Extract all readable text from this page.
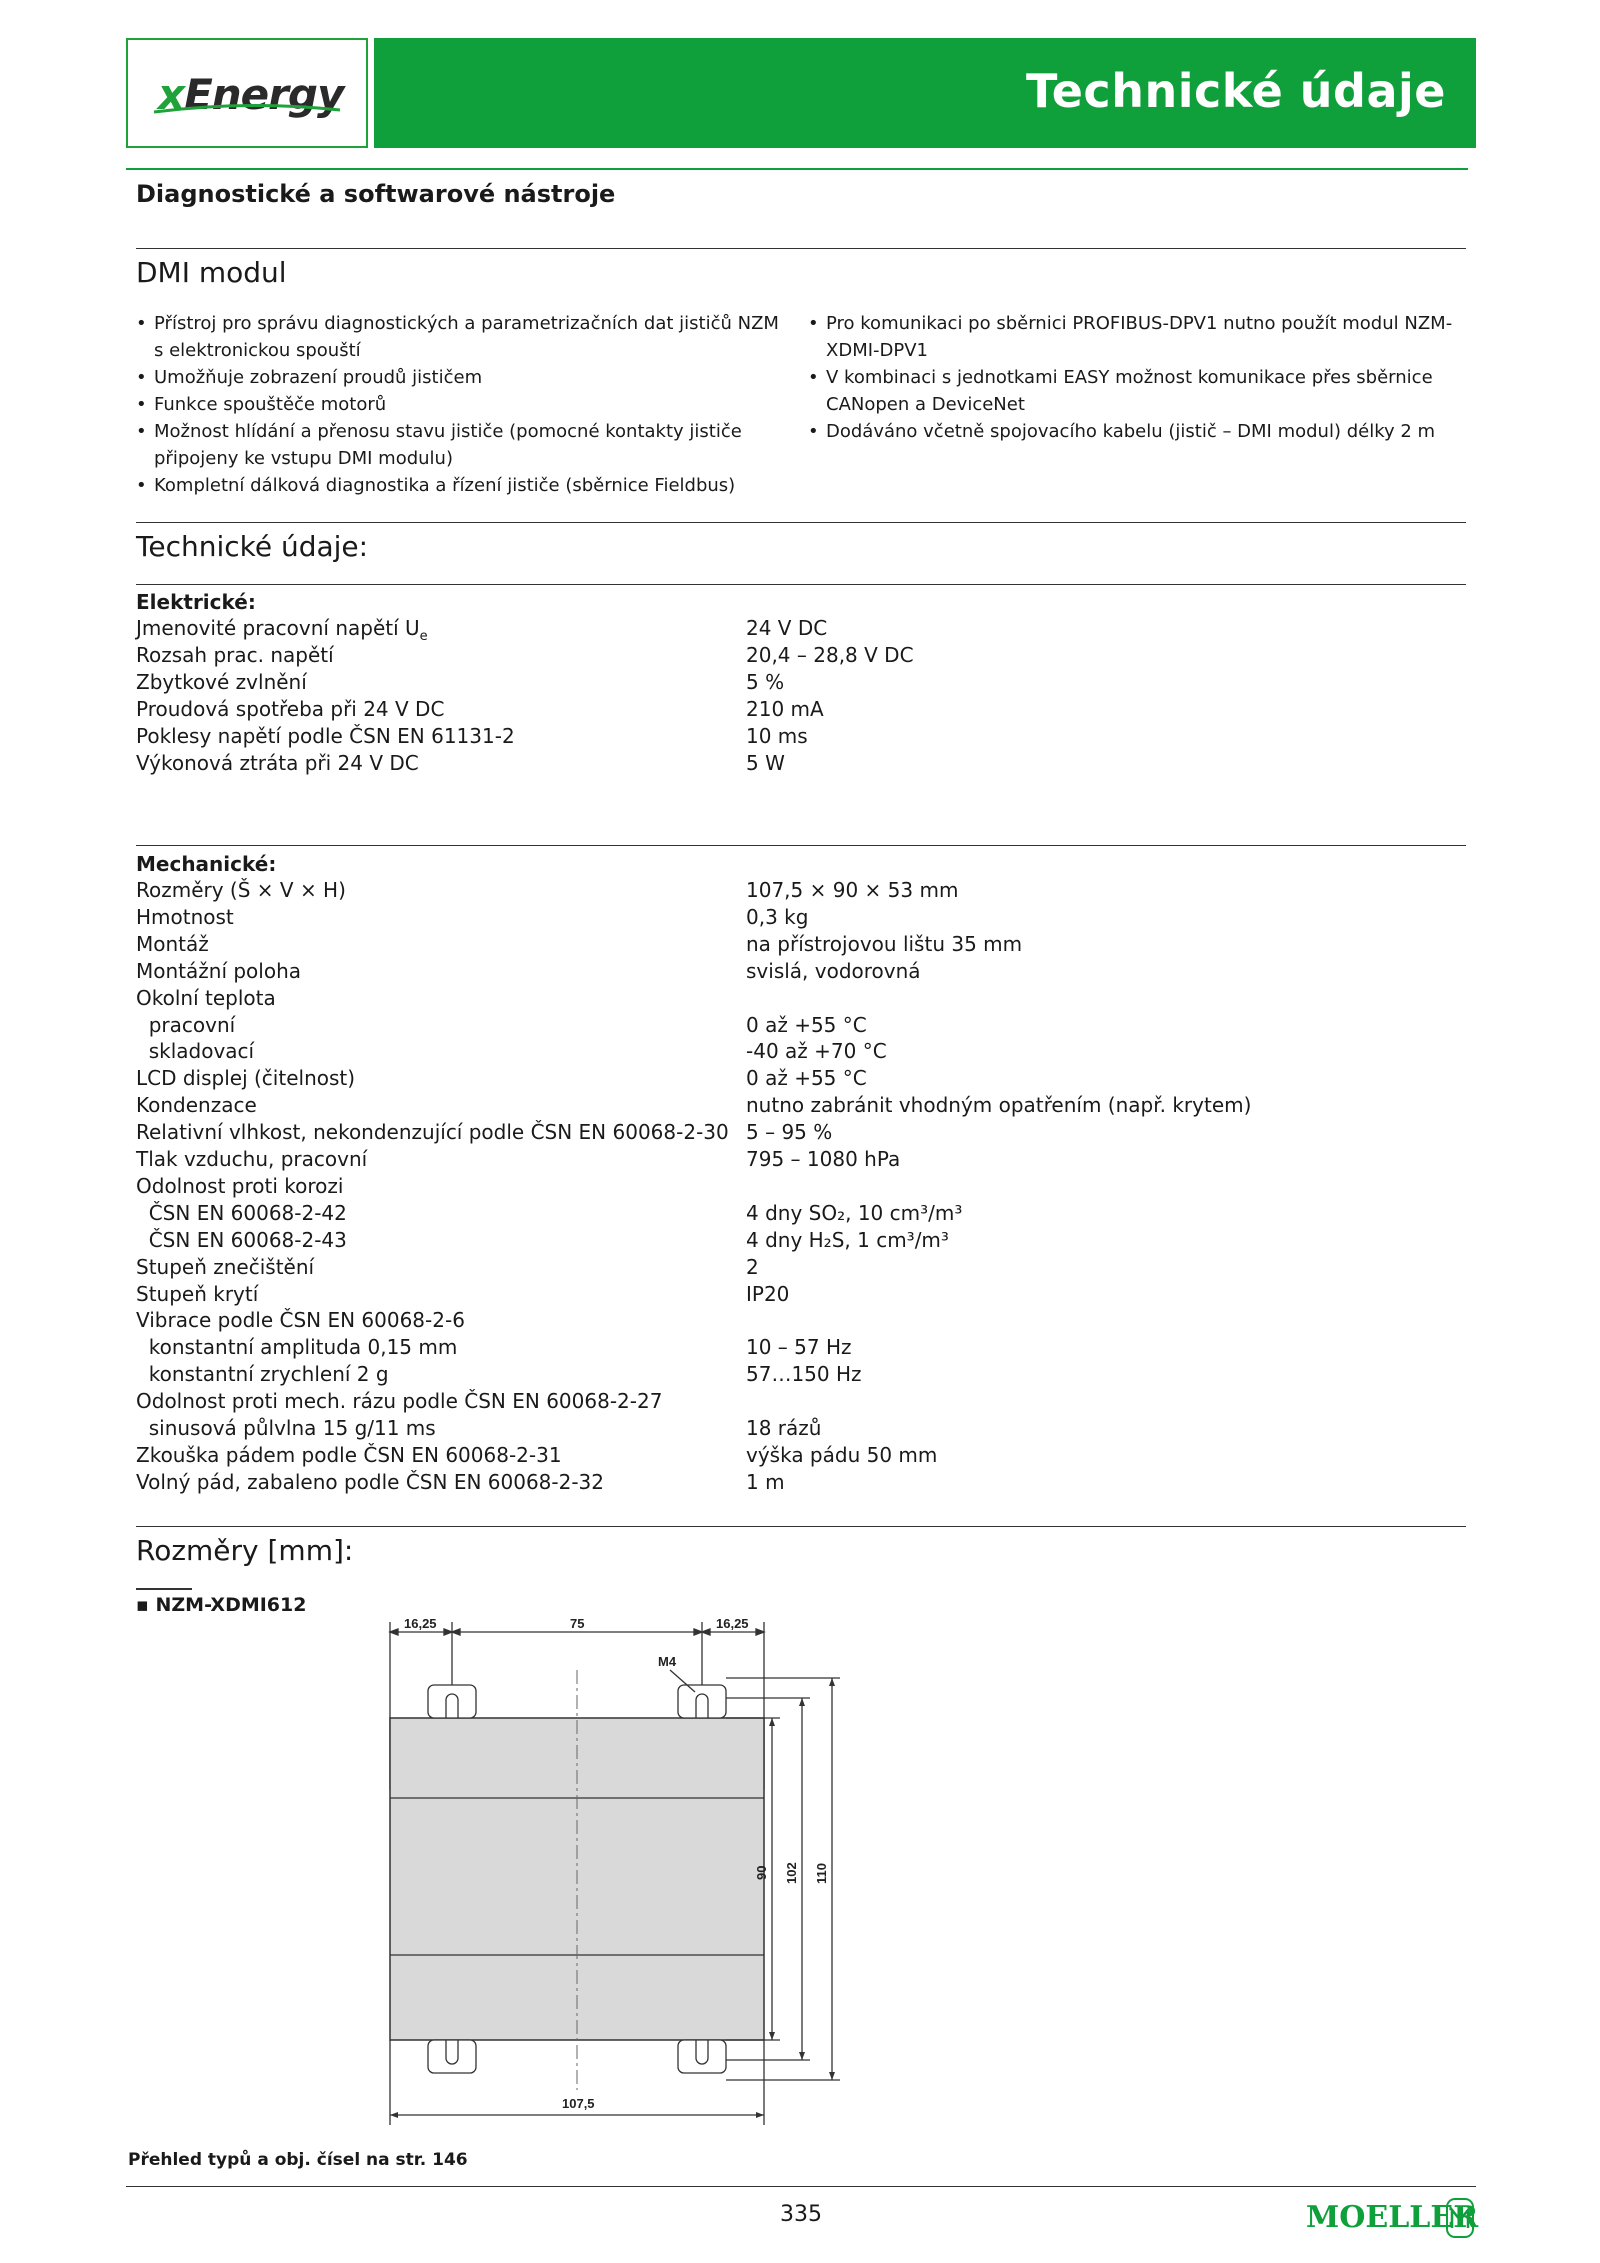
xEnergy	Technické údaje
Diagnostické a softwarové nástroje
DMI modul
• Přístroj pro správu diagnostických a parametrizačních dat jističů NZM s elektronickou spouští
• Umožňuje zobrazení proudů jističem
• Funkce spouštěče motorů
• Možnost hlídání a přenosu stavu jističe (pomocné kontakty jističe připojeny ke vstupu DMI modulu)
• Kompletní dálková diagnostika a řízení jističe (sběrnice Fieldbus)
• Pro komunikaci po sběrnici PROFIBUS-DPV1 nutno použít modul NZM-XDMI-DPV1
• V kombinaci s jednotkami EASY možnost komunikace přes sběrnice CANopen a DeviceNet
• Dodáváno včetně spojovacího kabelu (jistič – DMI modul) délky 2 m
Technické údaje:
Elektrické:
Jmenovité pracovní napětí $U_e$	24 V DC
Rozsah prac. napětí	20,4 – 28,8 V DC
Zbytkové zvlnění	5 %
Proudová spotřeba při 24 V DC	210 mA
Poklesy napětí podle ČSN EN 61131-2	10 ms
Výkonová ztráta při 24 V DC	5 W
Mechanické:
Rozměry (Š × V × H)	107,5 × 90 × 53 mm
Hmotnost	0,3 kg
Montáž	na přístrojovou lištu 35 mm
Montážní poloha	svislá, vodorovná
Okolní teplota
pracovní	0 až +55 °C
skladovací	-40 až +70 °C
LCD displej (čitelnost)	0 až +55 °C
Kondenzace	nutno zabránit vhodným opatřením (např. krytem)
Relativní vlhkost, nekondenzující podle ČSN EN 60068-2-30 5 – 95 %
Tlak vzduchu, pracovní	795 – 1080 hPa
Odolnost proti korozi
ČSN EN 60068-2-42	4 dny SO₂, 10 cm³/m³
ČSN EN 60068-2-43	4 dny H₂S, 1 cm³/m³
Stupeň znečištění	2
Stupeň krytí	IP20
Vibrace podle ČSN EN 60068-2-6
konstantní amplituda 0,15 mm	10 – 57 Hz
konstantní zrychlení 2 g	57…150 Hz
Odolnost proti mech. rázu podle ČSN EN 60068-2-27
sinusová půlvlna 15 g/11 ms	18 rázů
Zkouška pádem podle ČSN EN 60068-2-31	výška pádu 50 mm
Volný pád, zabaleno podle ČSN EN 60068-2-32	1 m
Rozměry [mm]:
▪ NZM-XDMI612
16,25	75	16,25
M4
90 102 110
107,5
Přehled typů a obj. čísel na str. 146
335	MOELLER
